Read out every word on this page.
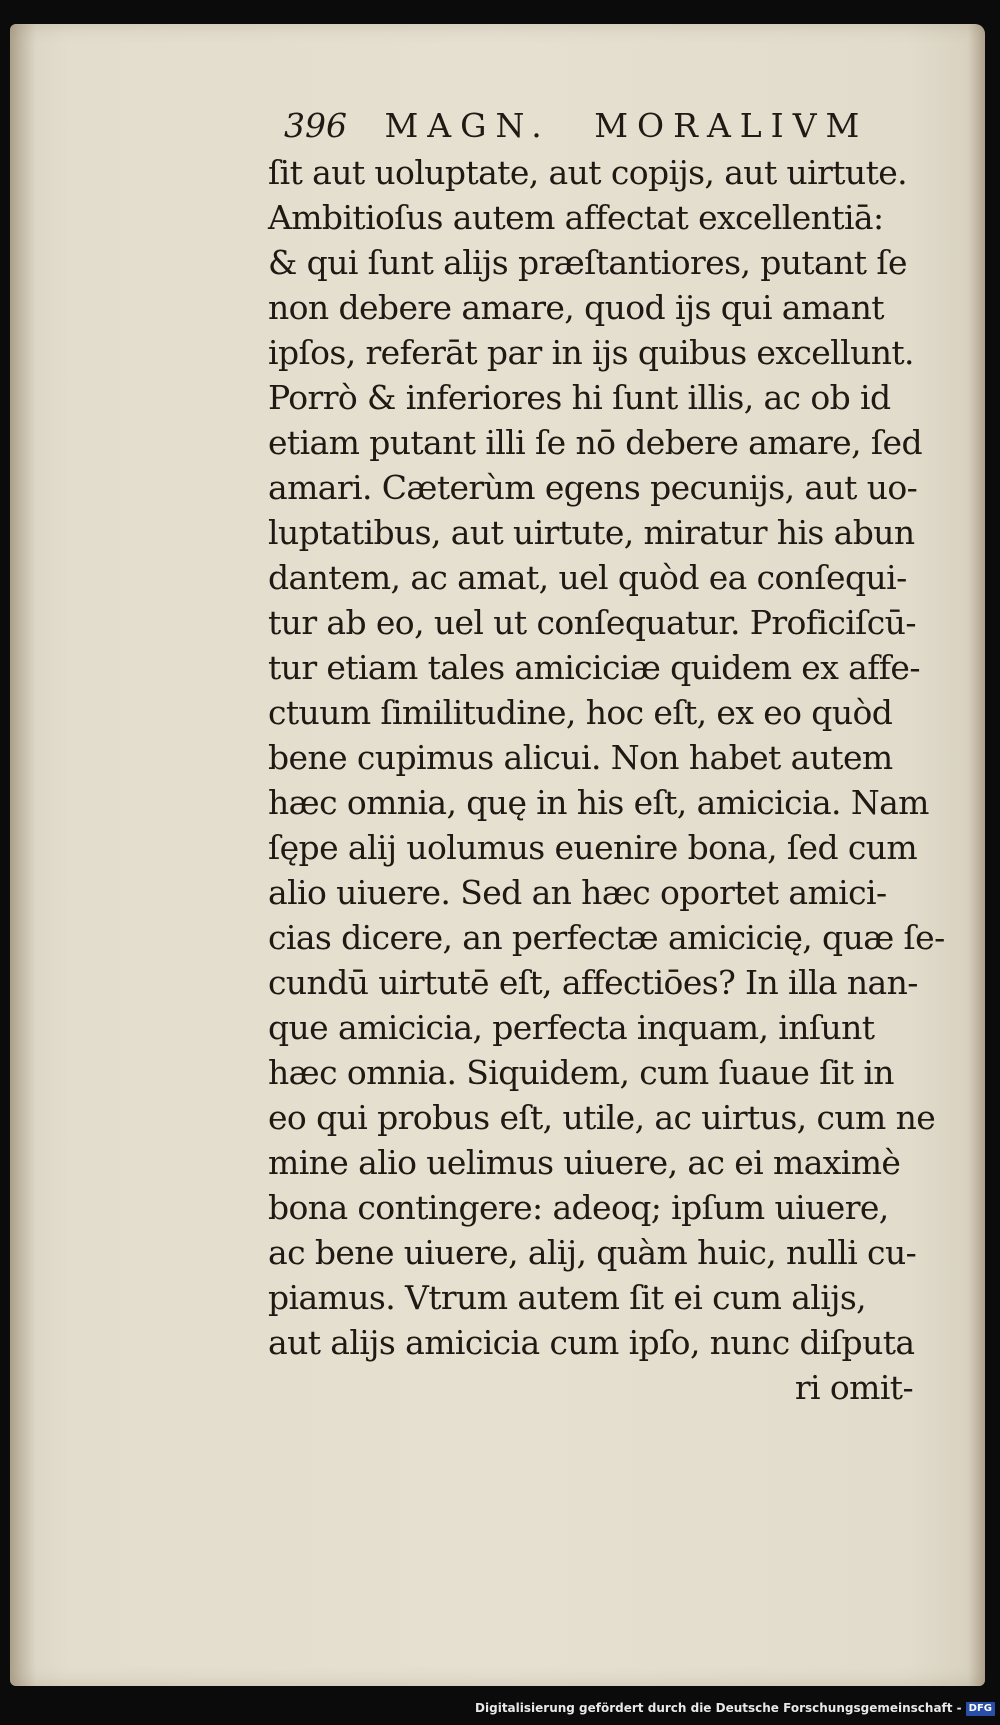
396 MAGN. MORALIVM
ſit aut uoluptate, aut copijs, aut uirtute.
Ambitioſus autem affectat excellentiā:
& qui ſunt alijs præſtantiores, putant ſe
non debere amare, quod ijs qui amant
ipſos, referāt par in ijs quibus excellunt.
Porrò & inferiores hi ſunt illis, ac ob id
etiam putant illi ſe nō debere amare, ſed
amari. Cæterùm egens pecunijs, aut uo-
luptatibus, aut uirtute, miratur his abun
dantem, ac amat, uel quòd ea conſequi-
tur ab eo, uel ut conſequatur. Proficiſcū-
tur etiam tales amiciciæ quidem ex affe-
ctuum ſimilitudine, hoc eſt, ex eo quòd
bene cupimus alicui. Non habet autem
hæc omnia, quę in his eſt, amicicia. Nam
ſępe alij uolumus euenire bona, ſed cum
alio uiuere. Sed an hæc oportet amici-
cias dicere, an perfectæ amicicię, quæ ſe-
cundū uirtutē eſt, affectiōes? In illa nan-
que amicicia, perfecta inquam, inſunt
hæc omnia. Siquidem, cum ſuaue ſit in
eo qui probus eſt, utile, ac uirtus, cum ne
mine alio uelimus uiuere, ac ei maximè
bona contingere: adeoq; ipſum uiuere,
ac bene uiuere, alij, quàm huic, nulli cu-
piamus. Vtrum autem ſit ei cum alijs,
aut alijs amicicia cum ipſo, nunc diſputa
ri omit-
Digitalisierung gefördert durch die Deutsche Forschungsgemeinschaft - DFG
